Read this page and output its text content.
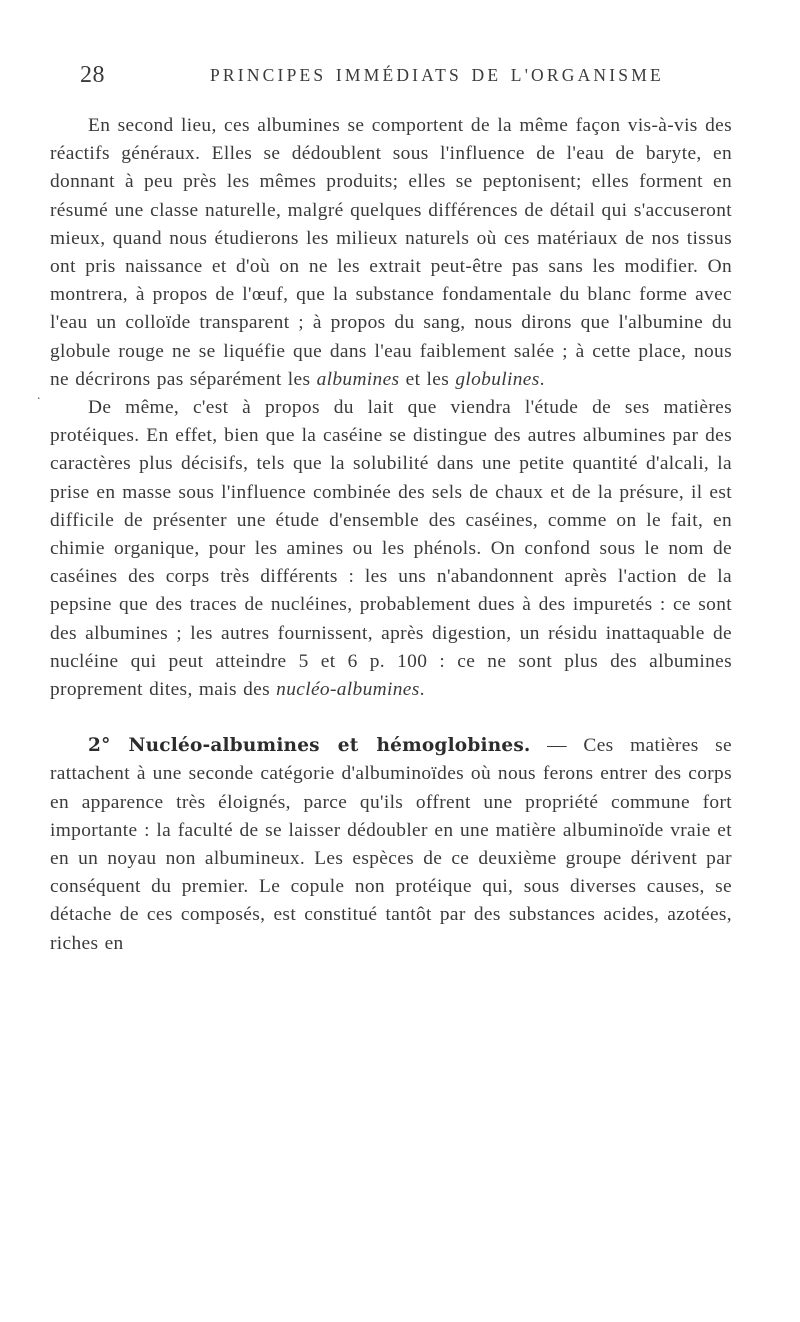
28	PRINCIPES IMMÉDIATS DE L'ORGANISME
.

En second lieu, ces albumines se comportent de la même façon vis-à-vis des réactifs généraux. Elles se dédoublent sous l'influence de l'eau de baryte, en donnant à peu près les mêmes produits; elles se peptonisent; elles forment en résumé une classe naturelle, malgré quelques différences de détail qui s'accuseront mieux, quand nous étudierons les milieux naturels où ces matériaux de nos tissus ont pris naissance et d'où on ne les extrait peut-être pas sans les modifier. On montrera, à propos de l'œuf, que la substance fondamentale du blanc forme avec l'eau un colloïde transparent ; à propos du sang, nous dirons que l'albumine du globule rouge ne se liquéfie que dans l'eau faiblement salée ; à cette place, nous ne décrirons pas séparément les albumines et les globulines.

De même, c'est à propos du lait que viendra l'étude de ses matières protéiques. En effet, bien que la caséine se distingue des autres albumines par des caractères plus décisifs, tels que la solubilité dans une petite quantité d'alcali, la prise en masse sous l'influence combinée des sels de chaux et de la présure, il est difficile de présenter une étude d'ensemble des caséines, comme on le fait, en chimie organique, pour les amines ou les phénols. On confond sous le nom de caséines des corps très différents : les uns n'abandonnent après l'action de la pepsine que des traces de nucléines, probablement dues à des impuretés : ce sont des albumines ; les autres fournissent, après digestion, un résidu inattaquable de nucléine qui peut atteindre 5 et 6 p. 100 : ce ne sont plus des albumines proprement dites, mais des nucléo-albumines.

2° Nucléo-albumines et hémoglobines. — Ces matières se rattachent à une seconde catégorie d'albuminoïdes où nous ferons entrer des corps en apparence très éloignés, parce qu'ils offrent une propriété commune fort importante : la faculté de se laisser dédoubler en une matière albuminoïde vraie et en un noyau non albumineux. Les espèces de ce deuxième groupe dérivent par conséquent du premier. Le copule non protéique qui, sous diverses causes, se détache de ces composés, est constitué tantôt par des substances acides, azotées, riches en
